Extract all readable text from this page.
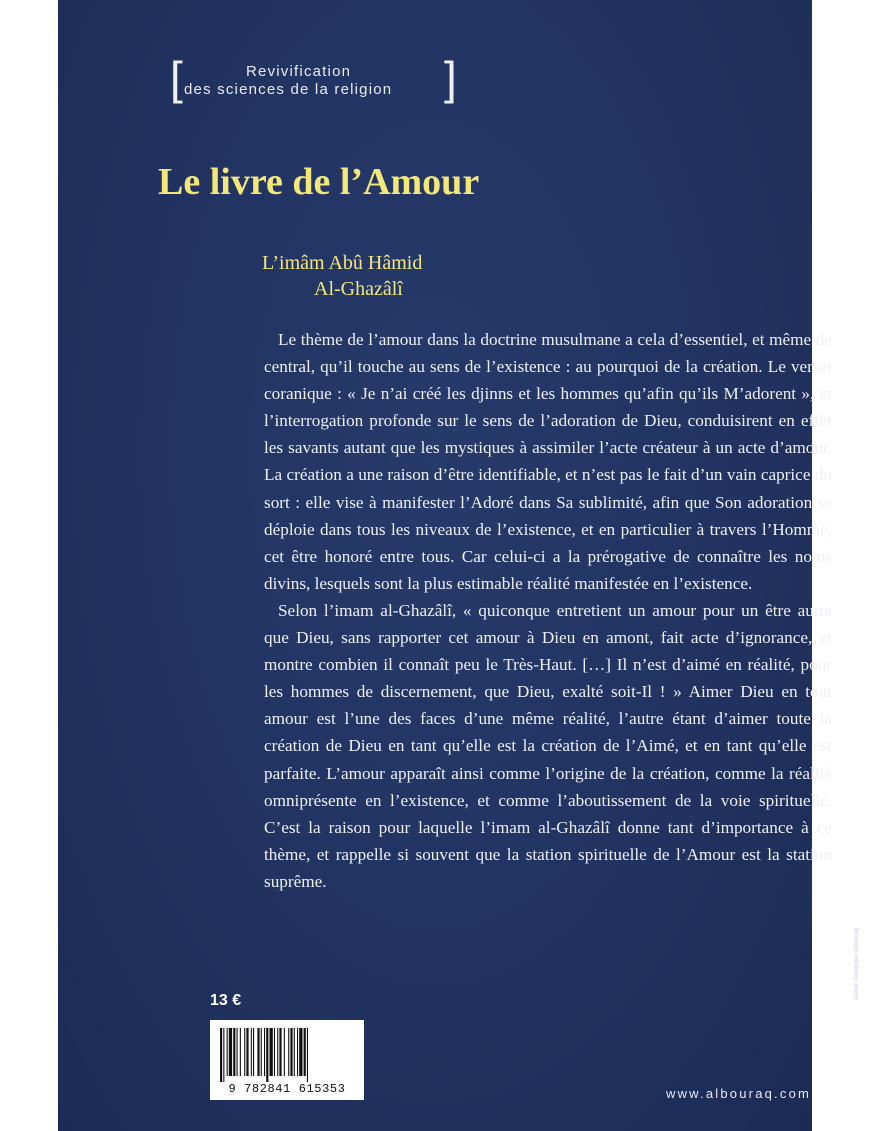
[	Revivification
des sciences de la religion ]
Le livre de l’Amour
L’imâm Abû Hâmid
Al-Ghazâlî

Le thème de l’amour dans la doctrine musulmane a cela d’essentiel, et même de central, qu’il touche au sens de l’existence : au pourquoi de la création. Le verset coranique : « Je n’ai créé les djinns et les hommes qu’afin qu’ils M’adorent », et l’interrogation profonde sur le sens de l’adoration de Dieu, conduisirent en effet les savants autant que les mystiques à assimiler l’acte créateur à un acte d’amour. La création a une raison d’être identifiable, et n’est pas le fait d’un vain caprice du sort : elle vise à manifester l’Adoré dans Sa sublimité, afin que Son adoration se déploie dans tous les niveaux de l’existence, et en particulier à travers l’Homme, cet être honoré entre tous. Car celui-ci a la prérogative de connaître les noms divins, lesquels sont la plus estimable réalité manifestée en l’existence.

Selon l’imam al-Ghazâlî, « quiconque entretient un amour pour un être autre que Dieu, sans rapporter cet amour à Dieu en amont, fait acte d’ignorance, et montre combien il connaît peu le Très-Haut. […] Il n’est d’aimé en réalité, pour les hommes de discernement, que Dieu, exalté soit-Il ! » Aimer Dieu en tout amour est l’une des faces d’une même réalité, l’autre étant d’aimer toute la création de Dieu en tant qu’elle est la création de l’Aimé, et en tant qu’elle est parfaite. L’amour apparaît ainsi comme l’origine de la création, comme la réalité omniprésente en l’existence, et comme l’aboutissement de la voie spirituelle. C’est la raison pour laquelle l’imam al-Ghazâlî donne tant d’importance à ce thème, et rappelle si souvent que la station spirituelle de l’Amour est la station suprême.

13 €
9 782841 615353	www.albouraq.com
Atelier Graphique Albouraq
